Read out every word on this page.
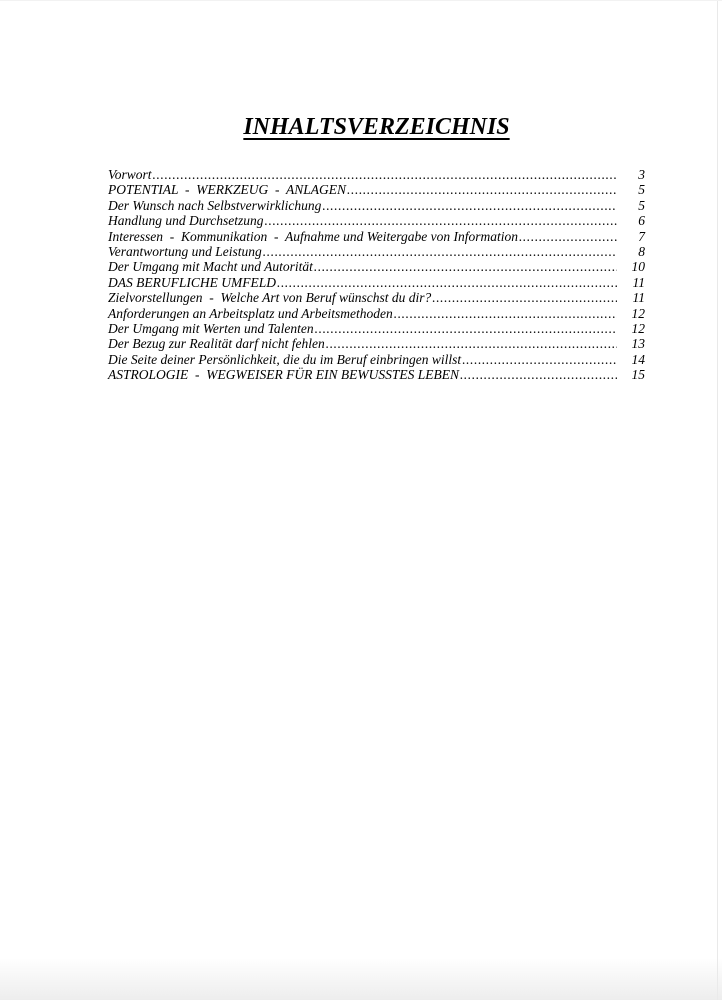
INHALTSVERZEICHNIS
Vorwort .....	3
POTENTIAL  -  WERKZEUG  -  ANLAGEN .....	5
Der Wunsch nach Selbstverwirklichung .....	5
Handlung und Durchsetzung .....	6
Interessen  -  Kommunikation  -  Aufnahme und Weitergabe von Information .....	7
Verantwortung und Leistung .....	8
Der Umgang mit Macht und Autorität .....	10
DAS BERUFLICHE UMFELD .....	11
Zielvorstellungen  -  Welche Art von Beruf wünschst du dir? .....	11
Anforderungen an Arbeitsplatz und Arbeitsmethoden .....	12
Der Umgang mit Werten und Talenten .....	12
Der Bezug zur Realität darf nicht fehlen .....	13
Die Seite deiner Persönlichkeit, die du im Beruf einbringen willst .....	14
ASTROLOGIE  -  WEGWEISER FÜR EIN BEWUSSTES LEBEN .....	15
